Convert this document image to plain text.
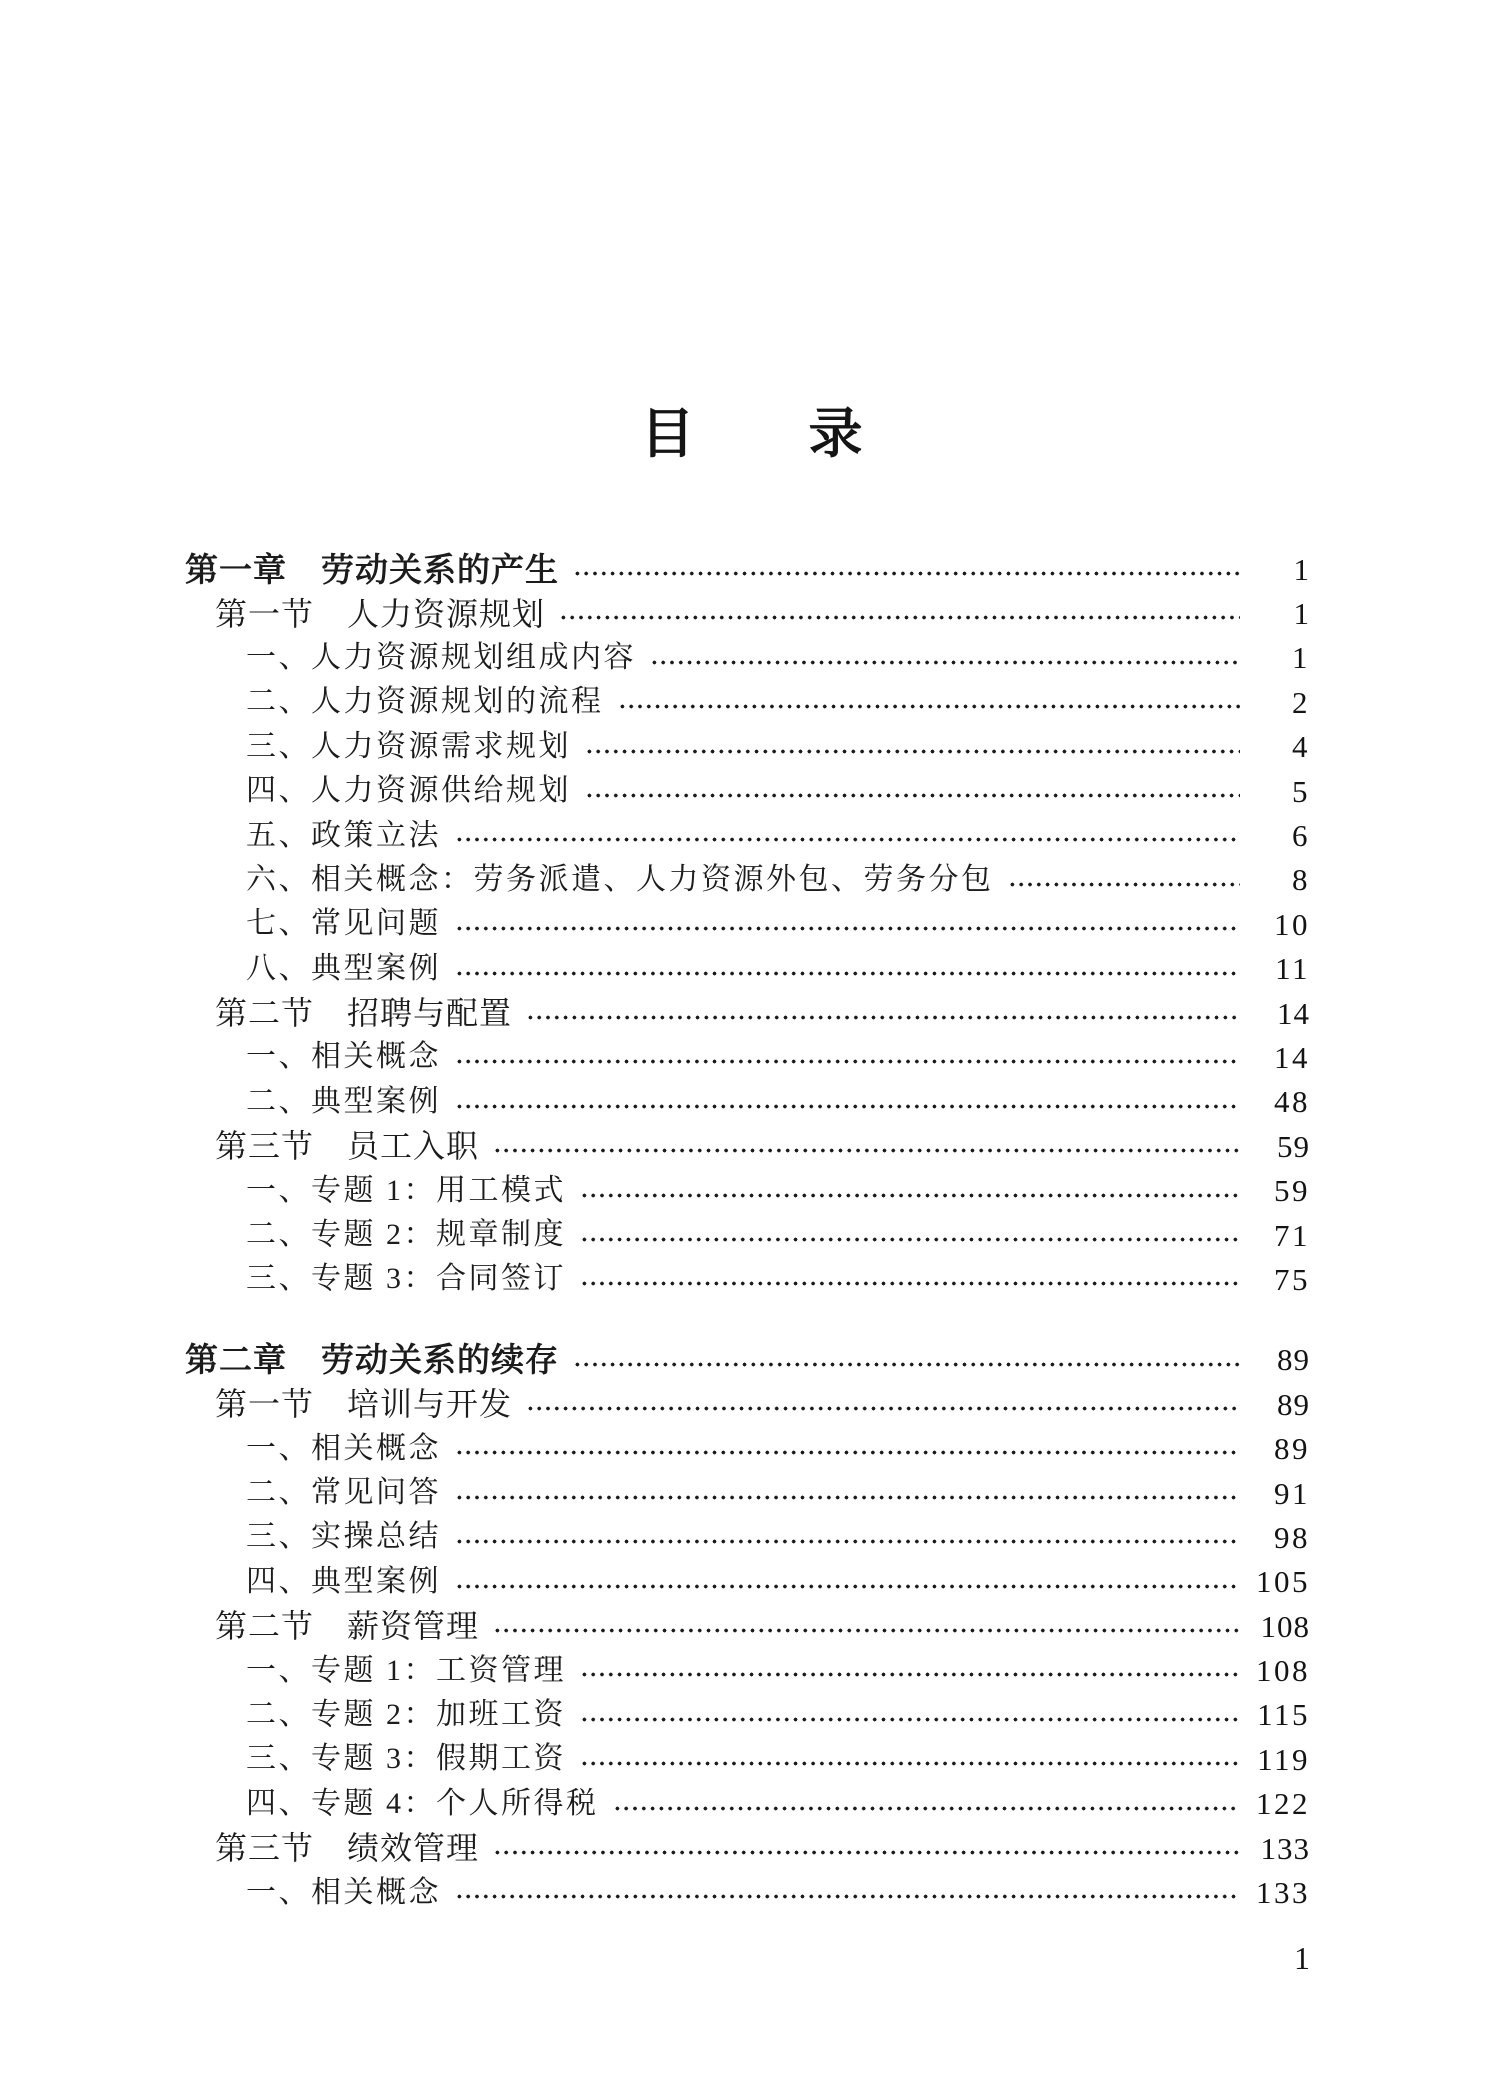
目　　录
第一章　劳动关系的产生	1
第一节　人力资源规划	1
一、人力资源规划组成内容	1
二、人力资源规划的流程	2
三、人力资源需求规划	4
四、人力资源供给规划	5
五、政策立法	6
六、相关概念：劳务派遣、人力资源外包、劳务分包	8
七、常见问题	10
八、典型案例	11
第二节　招聘与配置	14
一、相关概念	14
二、典型案例	48
第三节　员工入职	59
一、专题 1：用工模式	59
二、专题 2：规章制度	71
三、专题 3：合同签订	75
第二章　劳动关系的续存	89
第一节　培训与开发	89
一、相关概念	89
二、常见问答	91
三、实操总结	98
四、典型案例	105
第二节　薪资管理	108
一、专题 1：工资管理	108
二、专题 2：加班工资	115
三、专题 3：假期工资	119
四、专题 4：个人所得税	122
第三节　绩效管理	133
一、相关概念	133
1
